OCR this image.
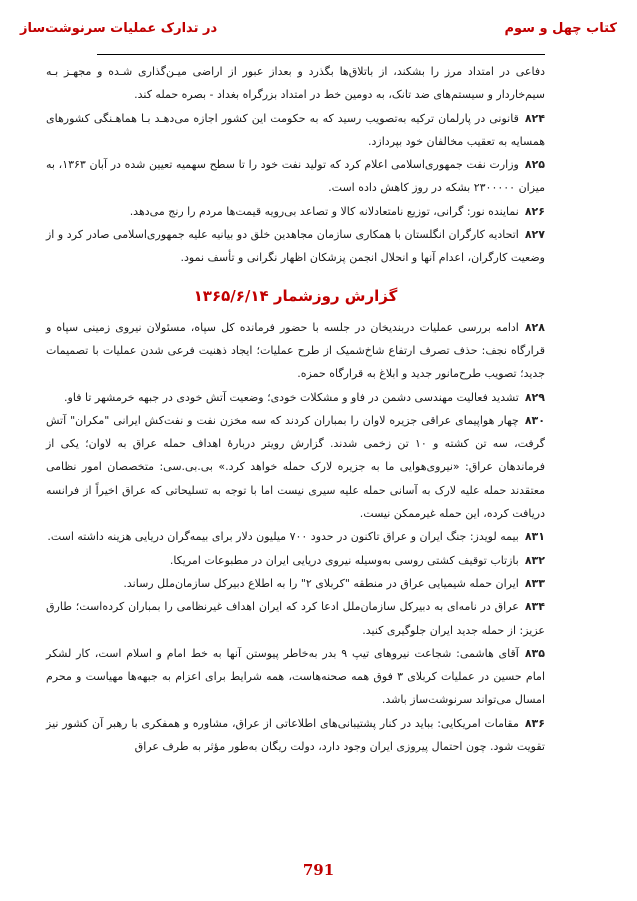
کتاب چهل و سوم
در تدارک عملیات سرنوشت‌ساز

دفاعی در امتداد مرز را بشکند، از باتلاق‌ها بگذرد و بعداز عبور از اراضی میـن‌گذاری شـده و مجهـز بـه سیم‌خاردار و سیستم‌های ضد تانک، به دومین خط در امتداد بزرگراه بغداد - بصره حمله کند.

۸۲۴قانونی در پارلمان ترکیه به‌تصویب رسید که به حکومت این کشور اجازه می‌دهـد بـا هماهـنگی کشورهای همسایه به تعقیب مخالفان خود بپردازد.

۸۲۵وزارت نفت جمهوری‌اسلامی اعلام کرد که تولید نفت خود را تا سطح سهمیه تعیین شده در آبان ۱۳۶۳، به میزان ۲۳۰۰۰۰۰ بشکه در روز کاهش داده است.

۸۲۶نماینده نور: گرانی، توزیع نامتعادلانه کالا و تصاعد بی‌رویه قیمت‌ها مردم را رنج می‌دهد.

۸۲۷اتحادیه کارگران انگلستان با همکاری سازمان مجاهدین خلق دو بیانیه علیه جمهوری‌اسلامی صادر کرد و از وضعیت کارگران، اعدام آنها و انحلال انجمن پزشکان اظهار نگرانی و تأسف نمود.

گزارش روزشمار ۱۳۶۵/۶/۱۴

۸۲۸ادامه بررسی عملیات دربندیخان در جلسه با حضور فرمانده کل سپاه، مسئولان نیروی زمینی سپاه و قرارگاه نجف: حذف تصرف ارتفاع شاخ‌شمیک از طرح عملیات؛ ایجاد ذهنیت فرعی شدن عملیات با تصمیمات جدید؛ تصویب طرح‌مانور جدید و ابلاغ به قرارگاه حمزه.

۸۲۹تشدید فعالیت مهندسی دشمن در فاو و مشکلات خودی؛ وضعیت آتش خودی در جبهه خرمشهر تا فاو.

۸۳۰چهار هواپیمای عراقی جزیره لاوان را بمباران کردند که سه مخزن نفت و نفت‌کش ایرانی "مکران" آتش گرفت، سه تن کشته و ۱۰ تن زخمی شدند. گزارش رویتر دربارهٔ اهداف حمله عراق به لاوان؛ یکی از فرماندهان عراق: «نیروی‌هوایی ما به جزیره لارک حمله خواهد کرد.» بی.بی.سی: متخصصان امور نظامی معتقدند حمله علیه لارک به آسانی حمله علیه سیری نیست اما با توجه به تسلیحاتی که عراق اخیراً از فرانسه دریافت کرده، این حمله غیرممکن نیست.

۸۳۱بیمه لویدز: جنگ ایران و عراق تاکنون در حدود ۷۰۰ میلیون دلار برای بیمه‌گران دریایی هزینه داشته است.

۸۳۲بازتاب توقیف کشتی روسی به‌وسیله نیروی دریایی ایران در مطبوعات امریکا.

۸۳۳ایران حمله شیمیایی عراق در منطقه "کربلای ۲" را به اطلاع دبیرکل سازمان‌ملل رساند.

۸۳۴عراق در نامه‌ای به دبیرکل سازمان‌ملل ادعا کرد که ایران اهداف غیرنظامی را بمباران کرده‌است؛ طارق عزیز: از حمله جدید ایران جلوگیری کنید.

۸۳۵آقای هاشمی: شجاعت نیروهای تیپ ۹ بدر به‌خاطر پیوستن آنها به خط امام و اسلام است، کار لشکر امام حسین در عملیات کربلای ۳ فوق همه صحنه‌هاست، همه شرایط برای اعزام به جبهه‌ها مهیاست و محرم امسال می‌تواند سرنوشت‌ساز باشد.

۸۳۶مقامات امریکایی: بباید در کنار پشتیبانی‌های اطلاعاتی از عراق، مشاوره و همفکری با رهبر آن کشور نیز تقویت شود. چون احتمال پیروزی ایران وجود دارد، دولت ریگان به‌طور مؤثر به طرف عراق

791
